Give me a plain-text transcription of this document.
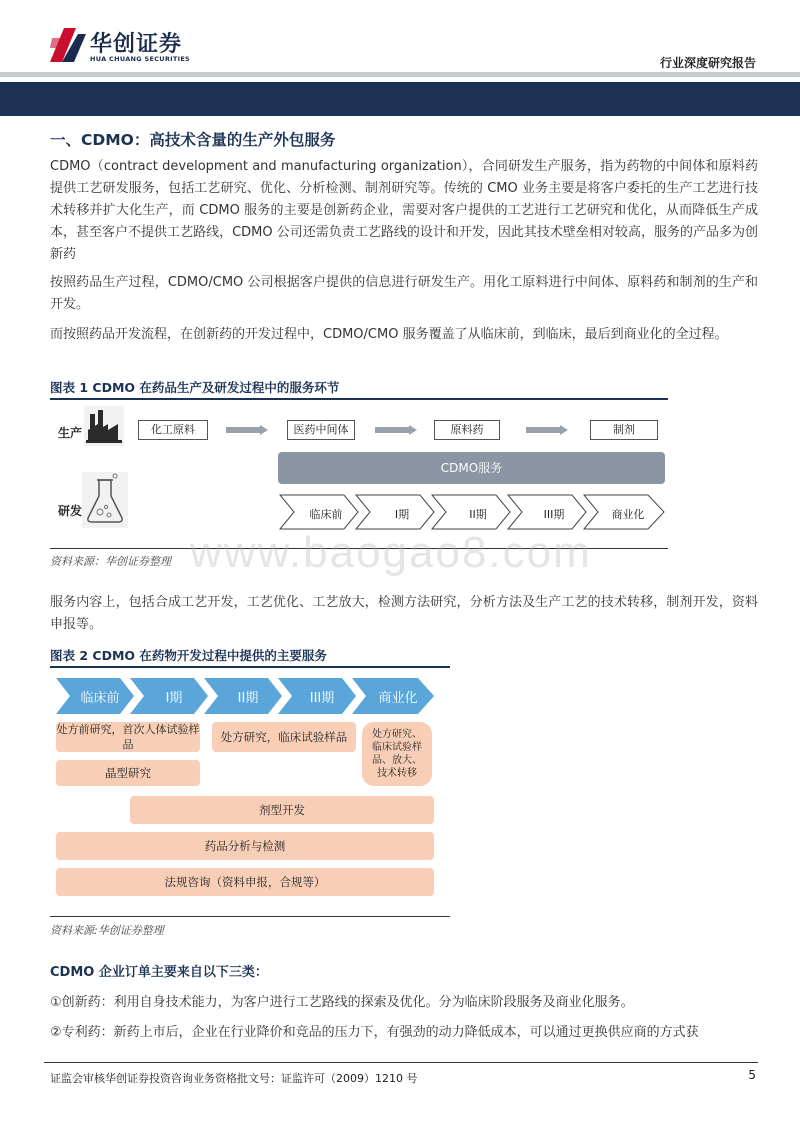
华创证券
HUA CHUANG SECURITIES	行业深度研究报告
一、CDMO：高技术含量的生产外包服务
CDMO（contract development and manufacturing organization），合同研发生产服务，指为药物的中间体和原料药提供工艺研发服务，包括工艺研究、优化、分析检测、制剂研究等。传统的 CMO 业务主要是将客户委托的生产工艺进行技术转移并扩大化生产，而 CDMO 服务的主要是创新药企业，需要对客户提供的工艺进行工艺研究和优化，从而降低生产成本，甚至客户不提供工艺路线，CDMO 公司还需负责工艺路线的设计和开发，因此其技术壁垒相对较高，服务的产品多为创新药
按照药品生产过程，CDMO/CMO 公司根据客户提供的信息进行研发生产。用化工原料进行中间体、原料药和制剂的生产和开发。
而按照药品开发流程，在创新药的开发过程中，CDMO/CMO 服务覆盖了从临床前，到临床，最后到商业化的全过程。
图表 1 CDMO 在药品生产及研发过程中的服务环节
生产	化工原料	医药中间体	原料药	制剂
CDMO服务
研发	临床前	I期	II期	III期	商业化
资料来源：华创证券整理 www.baogao8.com
服务内容上，包括合成工艺开发，工艺优化、工艺放大，检测方法研究，分析方法及生产工艺的技术转移，制剂开发，资料申报等。
图表 2 CDMO 在药物开发过程中提供的主要服务
临床前	I期	II期	III期	商业化
处方前研究，首次人体试验样品
处方研究，临床试验样品	处方研究、临床试验样品、放大、技术转移
晶型研究
剂型开发
药品分析与检测
法规咨询（资料申报，合规等）
资料来源:华创证券整理
CDMO 企业订单主要来自以下三类：
①创新药：利用自身技术能力，为客户进行工艺路线的探索及优化。分为临床阶段服务及商业化服务。
②专利药：新药上市后，企业在行业降价和竞品的压力下，有强劲的动力降低成本，可以通过更换供应商的方式获
证监会审核华创证券投资咨询业务资格批文号：证监许可（2009）1210 号	5
